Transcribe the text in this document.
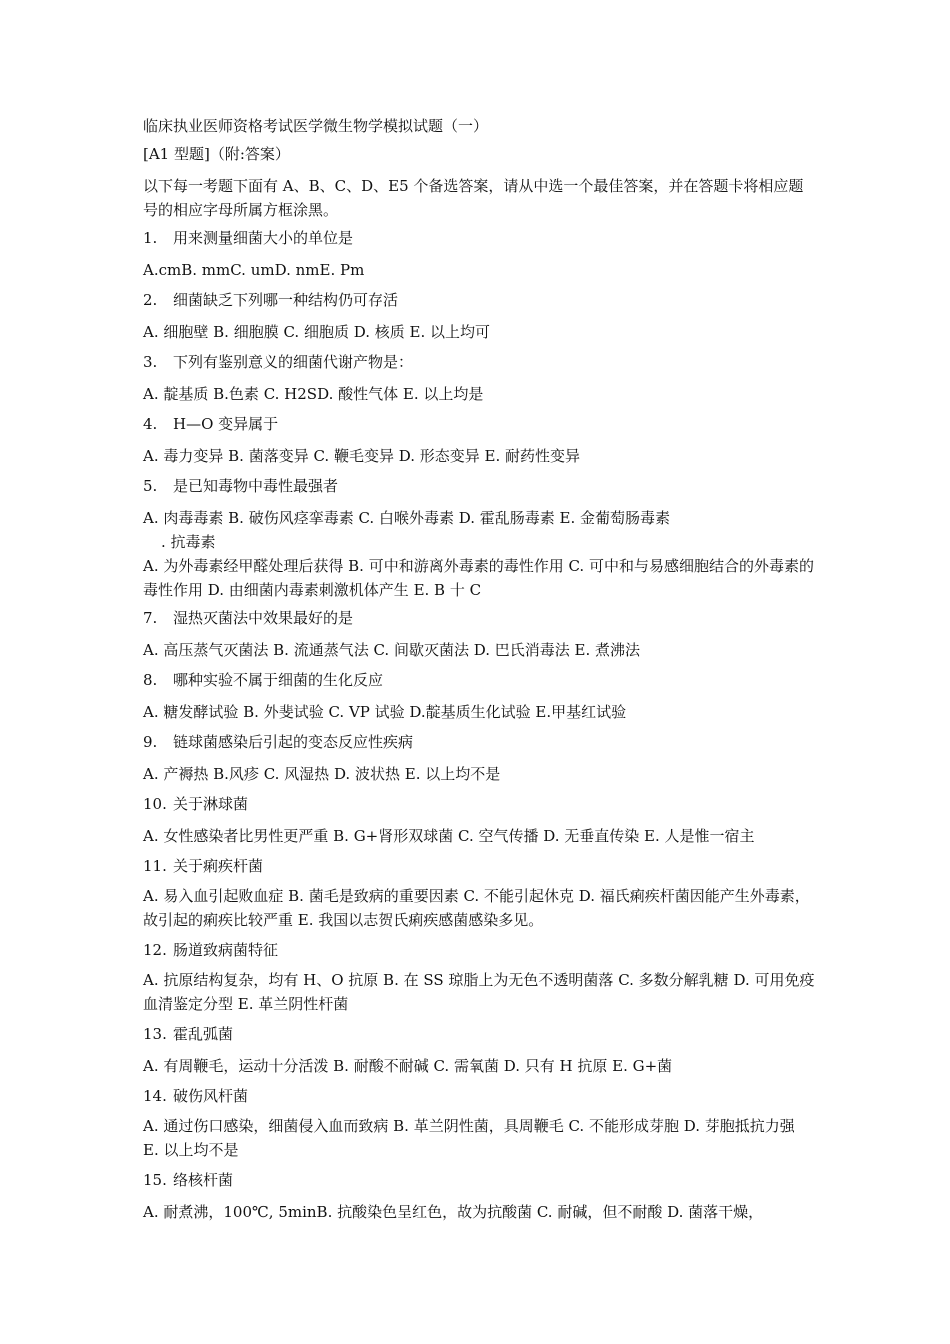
临床执业医师资格考试医学微生物学模拟试题（一）
[A1 型题]（附:答案）

以下每一考题下面有 A、B、C、D、E5 个备选答案，请从中选一个最佳答案，并在答题卡将相应题号的相应字母所属方框涂黑。

1.	用来测量细菌大小的单位是
A.cmB. mmC. umD. nmE. Pm
2.	细菌缺乏下列哪一种结构仍可存活
A. 细胞壁 B. 细胞膜 C. 细胞质 D. 核质 E. 以上均可
3.	下列有鉴别意义的细菌代谢产物是：
A. 靛基质 B.色素 C. H2SD. 酸性气体 E. 以上均是
4.	H—O 变异属于
A. 毒力变异 B. 菌落变异 C. 鞭毛变异 D. 形态变异 E. 耐药性变异
5.	是已知毒物中毒性最强者
A. 肉毒毒素 B. 破伤风痉挛毒素 C. 白喉外毒素 D. 霍乱肠毒素 E. 金葡萄肠毒素
. 抗毒素

A. 为外毒素经甲醛处理后获得 B. 可中和游离外毒素的毒性作用 C. 可中和与易感细胞结合的外毒素的毒性作用 D. 由细菌内毒素刺激机体产生 E. B 十 C

7.	湿热灭菌法中效果最好的是
A. 高压蒸气灭菌法 B. 流通蒸气法 C. 间歇灭菌法 D. 巴氏消毒法 E. 煮沸法
8.	哪种实验不属于细菌的生化反应
A. 糖发酵试验 B. 外斐试验 C. VP 试验 D.靛基质生化试验 E.甲基红试验
9.	链球菌感染后引起的变态反应性疾病
A. 产褥热 B.风疹 C. 风湿热 D. 波状热 E. 以上均不是
10. 关于淋球菌
A. 女性感染者比男性更严重 B. G+肾形双球菌 C. 空气传播 D. 无垂直传染 E. 人是惟一宿主
11. 关于痢疾杆菌

A. 易入血引起败血症 B. 菌毛是致病的重要因素 C. 不能引起休克 D. 福氏痢疾杆菌因能产生外毒素，故引起的痢疾比较严重 E. 我国以志贺氏痢疾感菌感染多见。

12. 肠道致病菌特征

A. 抗原结构复杂，均有 H、O 抗原 B. 在 SS 琼脂上为无色不透明菌落 C. 多数分解乳糖 D. 可用免疫血清鉴定分型 E. 革兰阴性杆菌

13. 霍乱弧菌
A. 有周鞭毛，运动十分活泼 B. 耐酸不耐碱 C. 需氧菌 D. 只有 H 抗原 E. G+菌
14. 破伤风杆菌

A. 通过伤口感染，细菌侵入血而致病 B. 革兰阴性菌，具周鞭毛 C. 不能形成芽胞 D. 芽胞抵抗力强 E. 以上均不是

15. 络核杆菌
A. 耐煮沸，100℃, 5minB. 抗酸染色呈红色，故为抗酸菌 C. 耐碱，但不耐酸 D. 菌落干燥，
